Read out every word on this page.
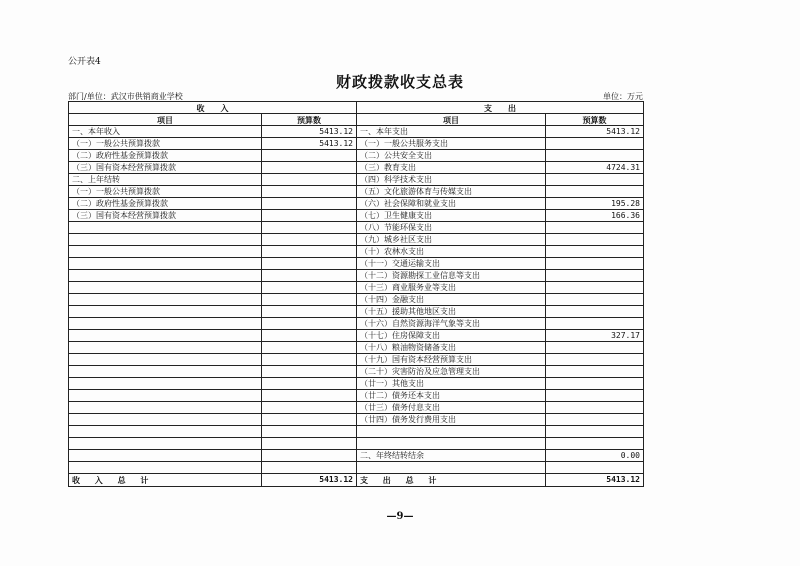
公开表4
财政拨款收支总表
部门/单位：武汉市供销商业学校	单位：万元
收　　入		支　　出	
项目	预算数	项目	预算数
一、本年收入	5413.12	一、本年支出	5413.12
（一）一般公共预算拨款	5413.12	（一）一般公共服务支出	
（二）政府性基金预算拨款		（二）公共安全支出	
（三）国有资本经营预算拨款		（三）教育支出	4724.31
二、上年结转		（四）科学技术支出	
（一）一般公共预算拨款		（五）文化旅游体育与传媒支出	
（二）政府性基金预算拨款		（六）社会保障和就业支出	195.28
（三）国有资本经营预算拨款		（七）卫生健康支出	166.36
		（八）节能环保支出	
		（九）城乡社区支出	
		（十）农林水支出	
		（十一）交通运输支出	
		（十二）资源勘探工业信息等支出	
		（十三）商业服务业等支出	
		（十四）金融支出	
		（十五）援助其他地区支出	
		（十六）自然资源海洋气象等支出	
		（十七）住房保障支出	327.17
		（十八）粮油物资储备支出	
		（十九）国有资本经营预算支出	
		（二十）灾害防治及应急管理支出	
		（廿一）其他支出	
		（廿二）债务还本支出	
		（廿三）债务付息支出	
		（廿四）债务发行费用支出	

		二、年终结转结余	0.00

收 入 总 计	5413.12	支 出 总 计	5413.12
—9—
